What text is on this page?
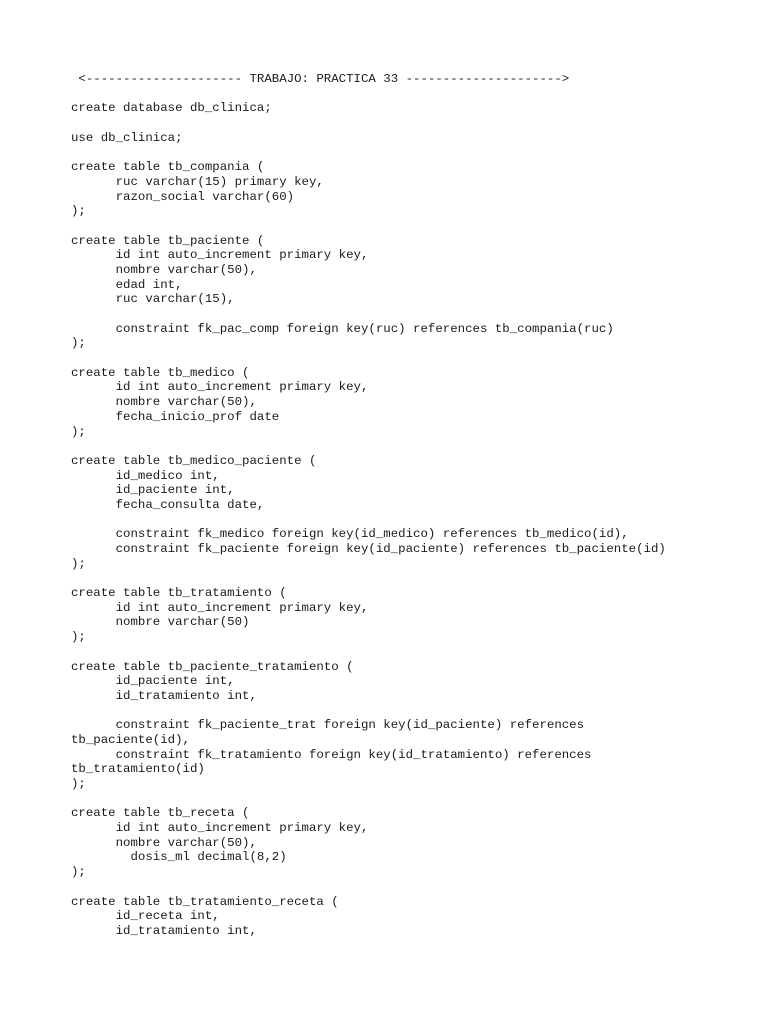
<--------------------- TRABAJO: PRACTICA 33 --------------------->
create database db_clinica;
use db_clinica;
create table tb_compania (
ruc varchar(15) primary key,
razon_social varchar(60)
);
create table tb_paciente (
id int auto_increment primary key,
nombre varchar(50),
edad int,
ruc varchar(15),
constraint fk_pac_comp foreign key(ruc) references tb_compania(ruc)
);
create table tb_medico (
id int auto_increment primary key,
nombre varchar(50),
fecha_inicio_prof date
);
create table tb_medico_paciente (
id_medico int,
id_paciente int,
fecha_consulta date,
constraint fk_medico foreign key(id_medico) references tb_medico(id),
constraint fk_paciente foreign key(id_paciente) references tb_paciente(id)
);
create table tb_tratamiento (
id int auto_increment primary key,
nombre varchar(50)
);
create table tb_paciente_tratamiento (
id_paciente int,
id_tratamiento int,
constraint fk_paciente_trat foreign key(id_paciente) references
tb_paciente(id),
constraint fk_tratamiento foreign key(id_tratamiento) references
tb_tratamiento(id)
);
create table tb_receta (
id int auto_increment primary key,
nombre varchar(50),
dosis_ml decimal(8,2)
);
create table tb_tratamiento_receta (
id_receta int,
id_tratamiento int,
